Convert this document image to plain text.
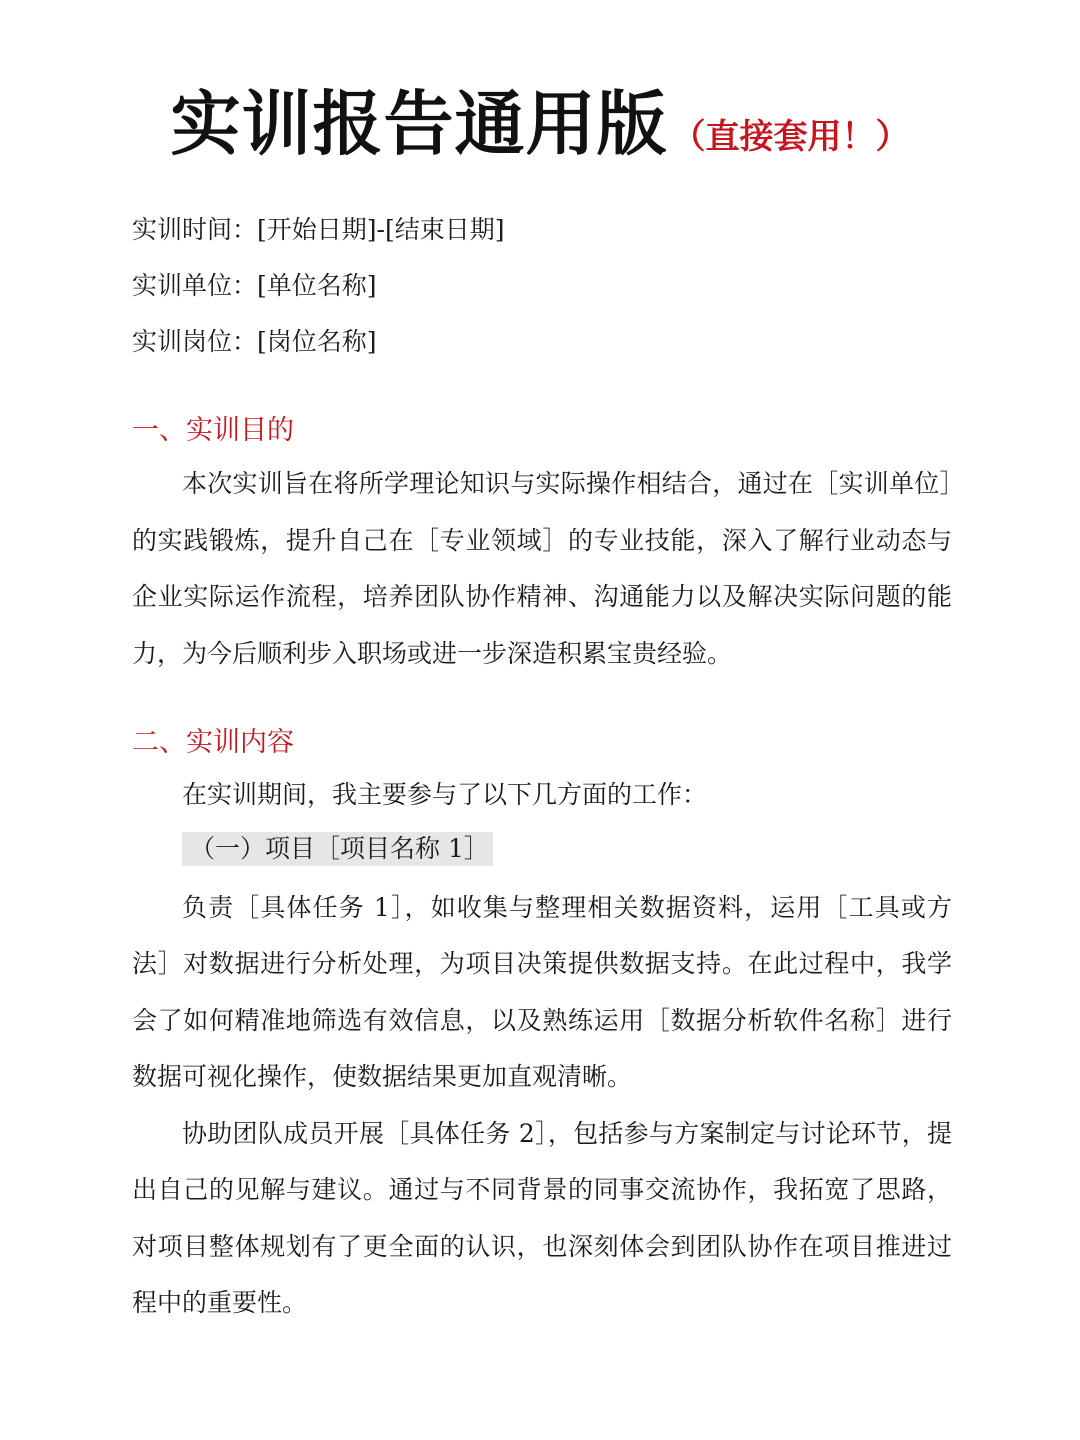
实训报告通用版 （直接套用！）
实训时间：[开始日期]-[结束日期]
实训单位：[单位名称]
实训岗位：[岗位名称]
一、实训目的

本次实训旨在将所学理论知识与实际操作相结合，通过在［实训单位］的实践锻炼，提升自己在［专业领域］的专业技能，深入了解行业动态与企业实际运作流程，培养团队协作精神、沟通能力以及解决实际问题的能力，为今后顺利步入职场或进一步深造积累宝贵经验。

二、实训内容

在实训期间，我主要参与了以下几方面的工作：

（一）项目［项目名称 1］

负责［具体任务 1］，如收集与整理相关数据资料，运用［工具或方法］对数据进行分析处理，为项目决策提供数据支持。在此过程中，我学会了如何精准地筛选有效信息，以及熟练运用［数据分析软件名称］进行数据可视化操作，使数据结果更加直观清晰。

协助团队成员开展［具体任务 2］，包括参与方案制定与讨论环节，提出自己的见解与建议。通过与不同背景的同事交流协作，我拓宽了思路，对项目整体规划有了更全面的认识，也深刻体会到团队协作在项目推进过程中的重要性。
